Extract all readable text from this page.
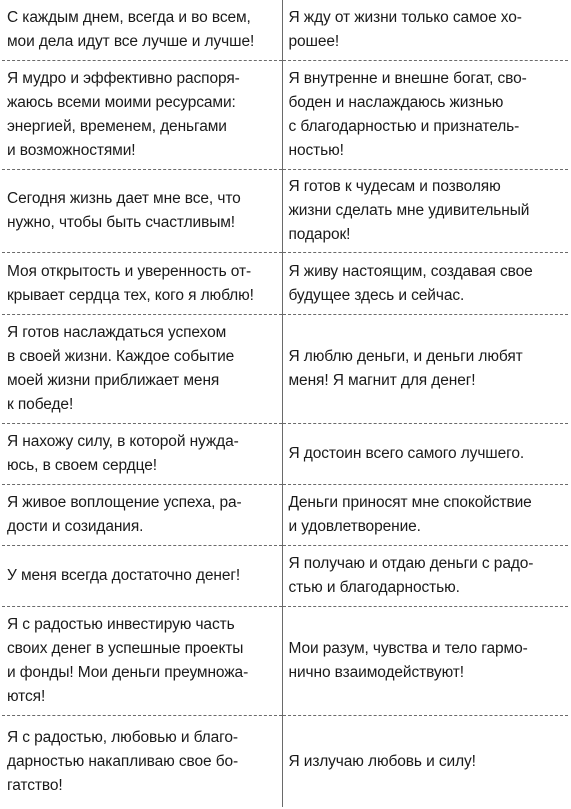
С каждым днем, всегда и во всем,
мои дела идут все лучше и лучше!	Я жду от жизни только самое хо-
рошее!

Я мудро и эффективно распоря-
жаюсь всеми моими ресурсами:
энергией, временем, деньгами
и возможностями!	Я внутренне и внешне богат, сво-
боден и наслаждаюсь жизнью
с благодарностью и признатель-
ностью!

Сегодня жизнь дает мне все, что
нужно, чтобы быть счастливым!	Я готов к чудесам и позволяю
жизни сделать мне удивительный
подарок!

Моя открытость и уверенность от-
крывает сердца тех, кого я люблю!	Я живу настоящим, создавая свое
будущее здесь и сейчас.

Я готов наслаждаться успехом
в своей жизни. Каждое событие
моей жизни приближает меня
к победе!	Я люблю деньги, и деньги любят
меня! Я магнит для денег!

Я нахожу силу, в которой нужда-
юсь, в своем сердце!	Я достоин всего самого лучшего.

Я живое воплощение успеха, ра-
дости и созидания.	Деньги приносят мне спокойствие
и удовлетворение.

У меня всегда достаточно денег!	Я получаю и отдаю деньги с радо-
стью и благодарностью.

Я с радостью инвестирую часть
своих денег в успешные проекты
и фонды! Мои деньги преумножа-
ются!	Мои разум, чувства и тело гармо-
нично взаимодействуют!

Я с радостью, любовью и благо-
дарностью накапливаю свое бо-
гатство!	Я излучаю любовь и силу!
